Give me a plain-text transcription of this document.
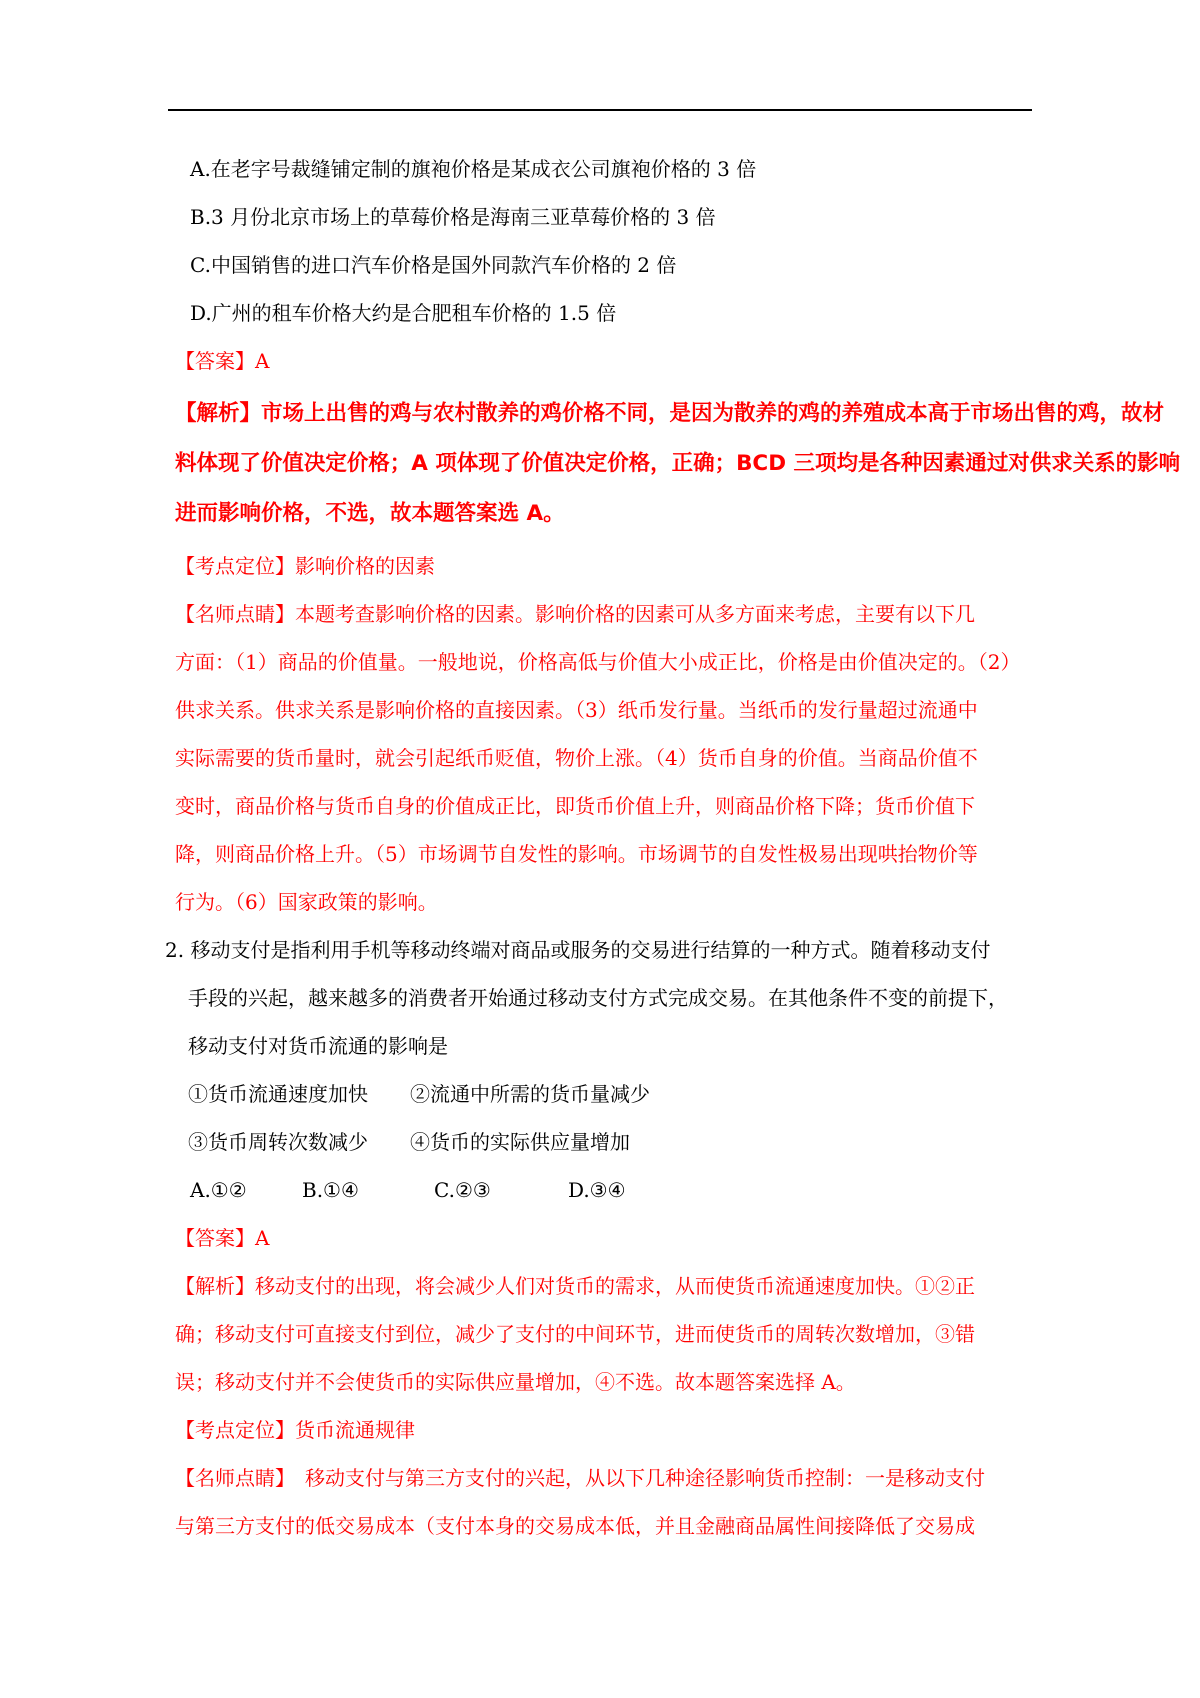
A.在老字号裁缝铺定制的旗袍价格是某成衣公司旗袍价格的 3 倍
B.3 月份北京市场上的草莓价格是海南三亚草莓价格的 3 倍
C.中国销售的进口汽车价格是国外同款汽车价格的 2 倍
D.广州的租车价格大约是合肥租车价格的 1.5 倍
【答案】A
【解析】市场上出售的鸡与农村散养的鸡价格不同，是因为散养的鸡的养殖成本高于市场出售的鸡，故材
料体现了价值决定价格；A 项体现了价值决定价格，正确；BCD 三项均是各种因素通过对供求关系的影响
进而影响价格，不选，故本题答案选 A。
【考点定位】影响价格的因素
【名师点睛】本题考查影响价格的因素。影响价格的因素可从多方面来考虑，主要有以下几
方面：（1）商品的价值量。一般地说，价格高低与价值大小成正比，价格是由价值决定的。（2）
供求关系。供求关系是影响价格的直接因素。（3）纸币发行量。当纸币的发行量超过流通中
实际需要的货币量时，就会引起纸币贬值，物价上涨。（4）货币自身的价值。当商品价值不
变时，商品价格与货币自身的价值成正比，即货币价值上升，则商品价格下降；货币价值下
降，则商品价格上升。（5）市场调节自发性的影响。市场调节的自发性极易出现哄抬物价等
行为。（6）国家政策的影响。
2. 移动支付是指利用手机等移动终端对商品或服务的交易进行结算的一种方式。随着移动支付
手段的兴起，越来越多的消费者开始通过移动支付方式完成交易。在其他条件不变的前提下，
移动支付对货币流通的影响是
①货币流通速度加快 ②流通中所需的货币量减少
③货币周转次数减少 ④货币的实际供应量增加
A.①②	B.①④	C.②③	D.③④
【答案】A
【解析】移动支付的出现，将会减少人们对货币的需求，从而使货币流通速度加快。①②正
确；移动支付可直接支付到位，减少了支付的中间环节，进而使货币的周转次数增加，③错
误；移动支付并不会使货币的实际供应量增加，④不选。故本题答案选择 A。
【考点定位】货币流通规律
【名师点睛】　移动支付与第三方支付的兴起，从以下几种途径影响货币控制：一是移动支付
与第三方支付的低交易成本（支付本身的交易成本低，并且金融商品属性间接降低了交易成
